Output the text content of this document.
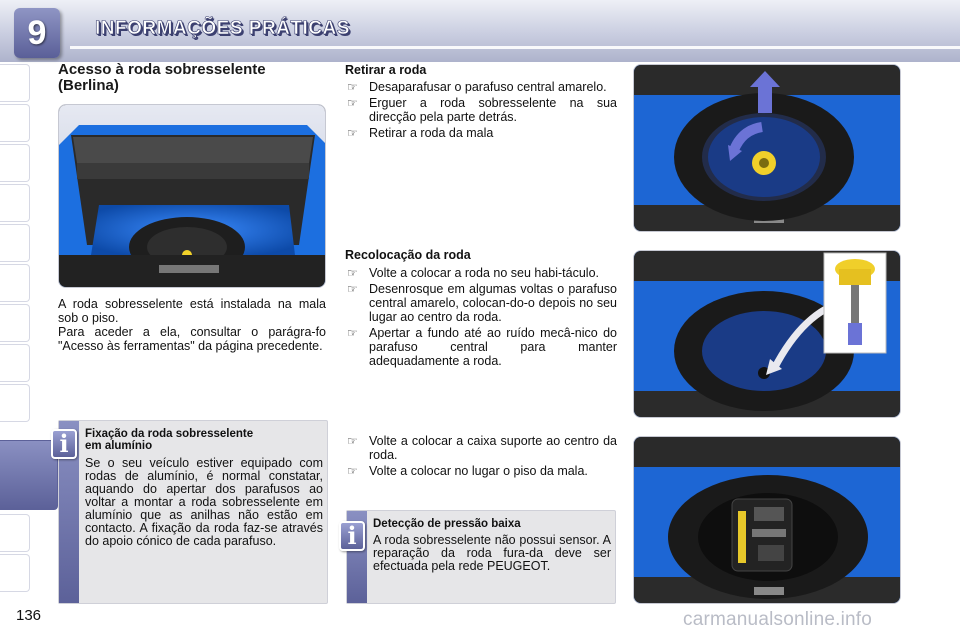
9	INFORMAÇÕES PRÁTICAS
Acesso à roda sobresselente
(Berlina)
A roda sobresselente está instalada na mala sob o piso.
Para aceder a ela, consultar o parágra-fo "Acesso às ferramentas" da página precedente.
i	Fixação da roda sobresselente
em alumínio
Se o seu veículo estiver equipado com rodas de alumínio, é normal constatar, aquando do apertar dos parafusos ao voltar a montar a roda sobresselente em alumínio que as anilhas não estão em contacto. A fixação da roda faz-se através do apoio cónico de cada parafuso.
Retirar a roda
☞ Desaparafusar o parafuso central amarelo.
☞ Erguer a roda sobresselente na sua direcção pela parte detrás.
☞ Retirar a roda da mala
Recolocação da roda
☞ Volte a colocar a roda no seu habi-táculo.
☞ Desenrosque em algumas voltas o parafuso central amarelo, colocan-do-o depois no seu lugar ao centro da roda.
☞ Apertar a fundo até ao ruído mecâ-nico do parafuso central para manter adequadamente a roda.
☞ Volte a colocar a caixa suporte ao centro da roda.
☞ Volte a colocar no lugar o piso da mala.
i	Detecção de pressão baixa
A roda sobresselente não possui sensor. A reparação da roda fura-da deve ser efectuada pela rede PEUGEOT.
136	carmanualsonline.info
